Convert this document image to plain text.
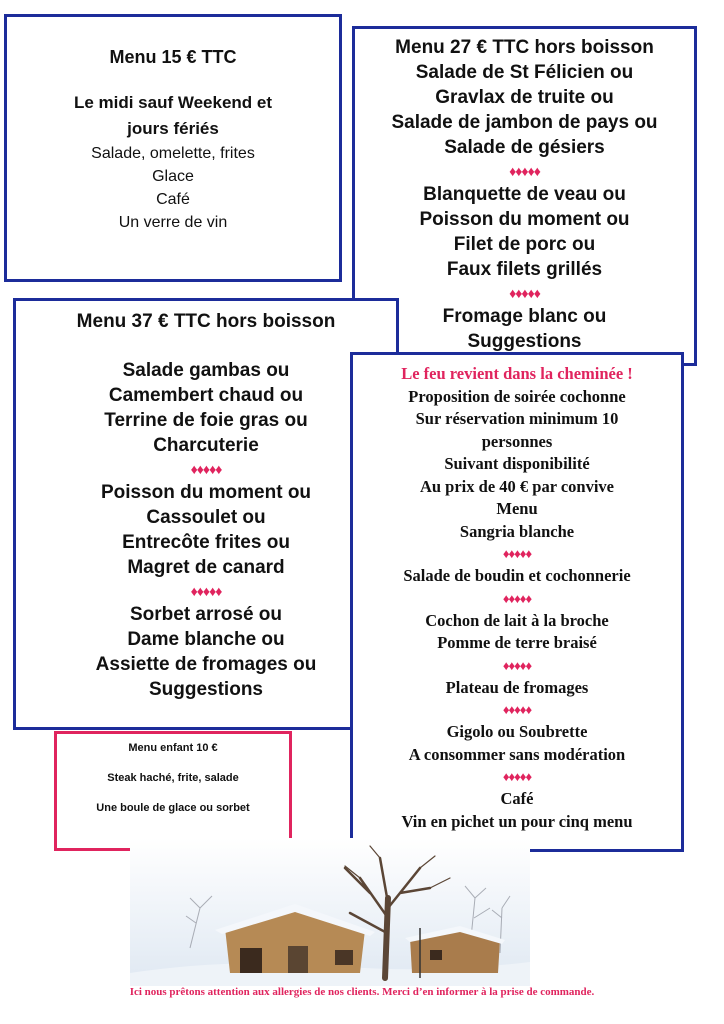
Menu 15 € TTC
Le midi sauf Weekend et
jours fériés
Salade, omelette, frites
Glace
Café
Un verre de vin
Menu 27 € TTC hors boisson
Salade de St Félicien ou
Gravlax de truite ou
Salade de jambon de pays ou
Salade de gésiers
♦♦♦♦♦
Blanquette de veau ou
Poisson du moment ou
Filet de porc ou
Faux filets grillés
♦♦♦♦♦
Fromage blanc ou
Suggestions
Menu 37 € TTC hors boisson
Salade gambas ou
Camembert chaud ou
Terrine de foie gras ou
Charcuterie
♦♦♦♦♦
Poisson du moment ou
Cassoulet ou
Entrecôte frites ou
Magret de canard
♦♦♦♦♦
Sorbet arrosé ou
Dame blanche ou
Assiette de fromages ou
Suggestions
Le feu revient dans la cheminée !
Proposition de soirée cochonne
Sur réservation minimum 10
personnes
Suivant disponibilité
Au prix de 40 € par convive
Menu
Sangria blanche
♦♦♦♦♦
Salade de boudin et cochonnerie
♦♦♦♦♦
Cochon de lait à la broche
Pomme de terre braisé
♦♦♦♦♦
Plateau de fromages
♦♦♦♦♦
Gigolo ou Soubrette
A consommer sans modération
♦♦♦♦♦
Café
Vin en pichet un pour cinq menu
Menu enfant 10 €
Steak haché, frite, salade
Une boule de glace ou sorbet
Ici nous prêtons attention aux allergies de nos clients. Merci d’en informer à la prise de commande.
